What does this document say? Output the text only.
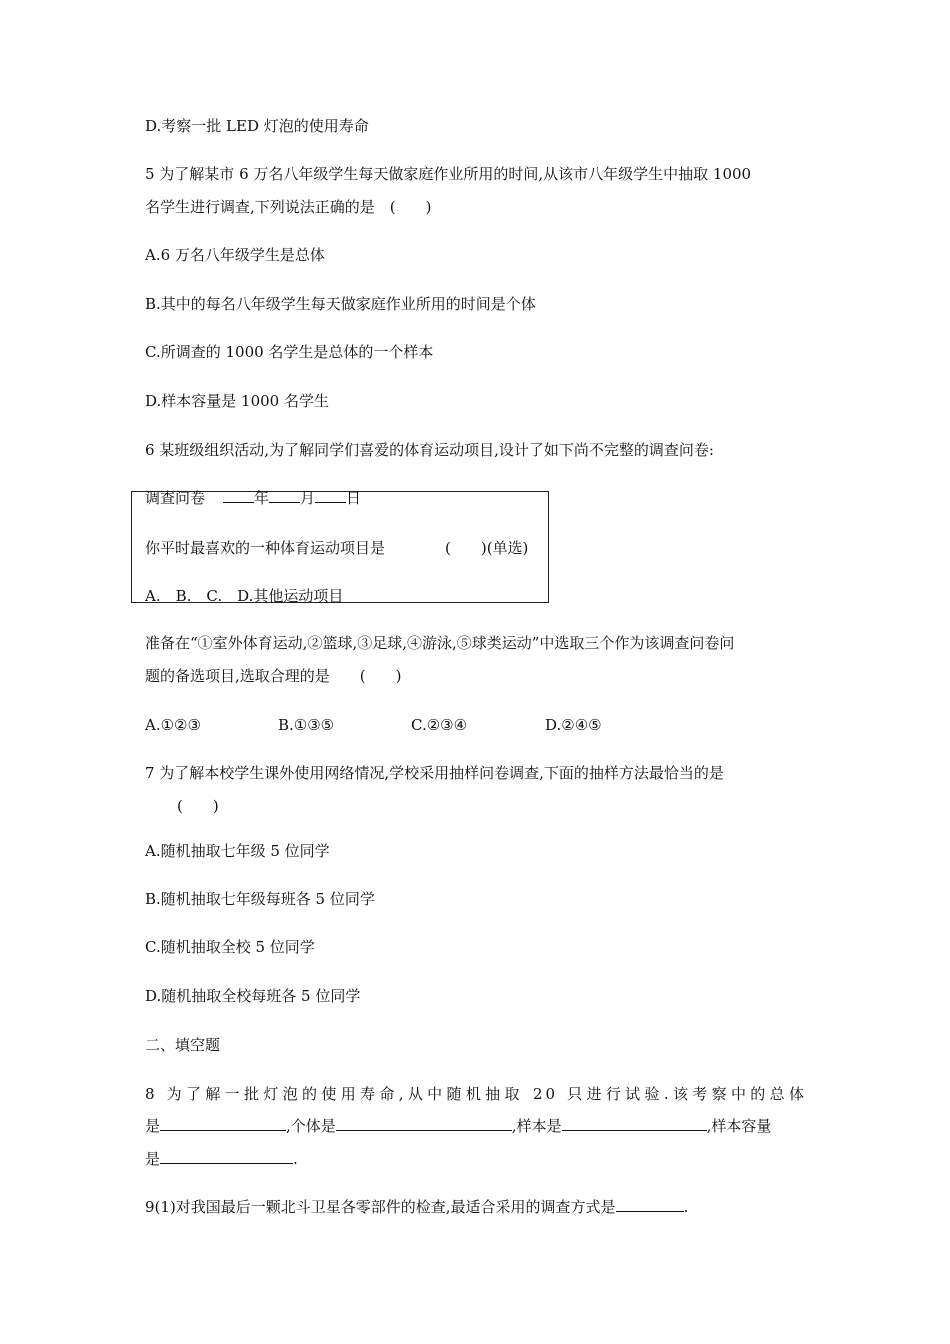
D.考察一批 LED 灯泡的使用寿命
5 为了解某市 6 万名八年级学生每天做家庭作业所用的时间,从该市八年级学生中抽取 1000
名学生进行调查,下列说法正确的是　(　　)
A.6 万名八年级学生是总体
B.其中的每名八年级学生每天做家庭作业所用的时间是个体
C.所调查的 1000 名学生是总体的一个样本
D.样本容量是 1000 名学生
6 某班级组织活动,为了解同学们喜爱的体育运动项目,设计了如下尚不完整的调查问卷:
调查问卷	年 月 日
你平时最喜欢的一种体育运动项目是	(　　)(单选)
A.　B.　C.　D.其他运动项目
准备在“①室外体育运动,②篮球,③足球,④游泳,⑤球类运动”中选取三个作为该调查问卷问
题的备选项目,选取合理的是　　(　　)
A.①②③	B.①③⑤	C.②③④	D.②④⑤
7 为了解本校学生课外使用网络情况,学校采用抽样问卷调查,下面的抽样方法最恰当的是
(　　)
A.随机抽取七年级 5 位同学
B.随机抽取七年级每班各 5 位同学
C.随机抽取全校 5 位同学
D.随机抽取全校每班各 5 位同学
二、填空题
8 为了解一批灯泡的使用寿命,从中随机抽取 20 只进行试验.该考察中的总体
是	,个体是	,样本是	,样本容量
是	.
9(1)对我国最后一颗北斗卫星各零部件的检查,最适合采用的调查方式是	.
